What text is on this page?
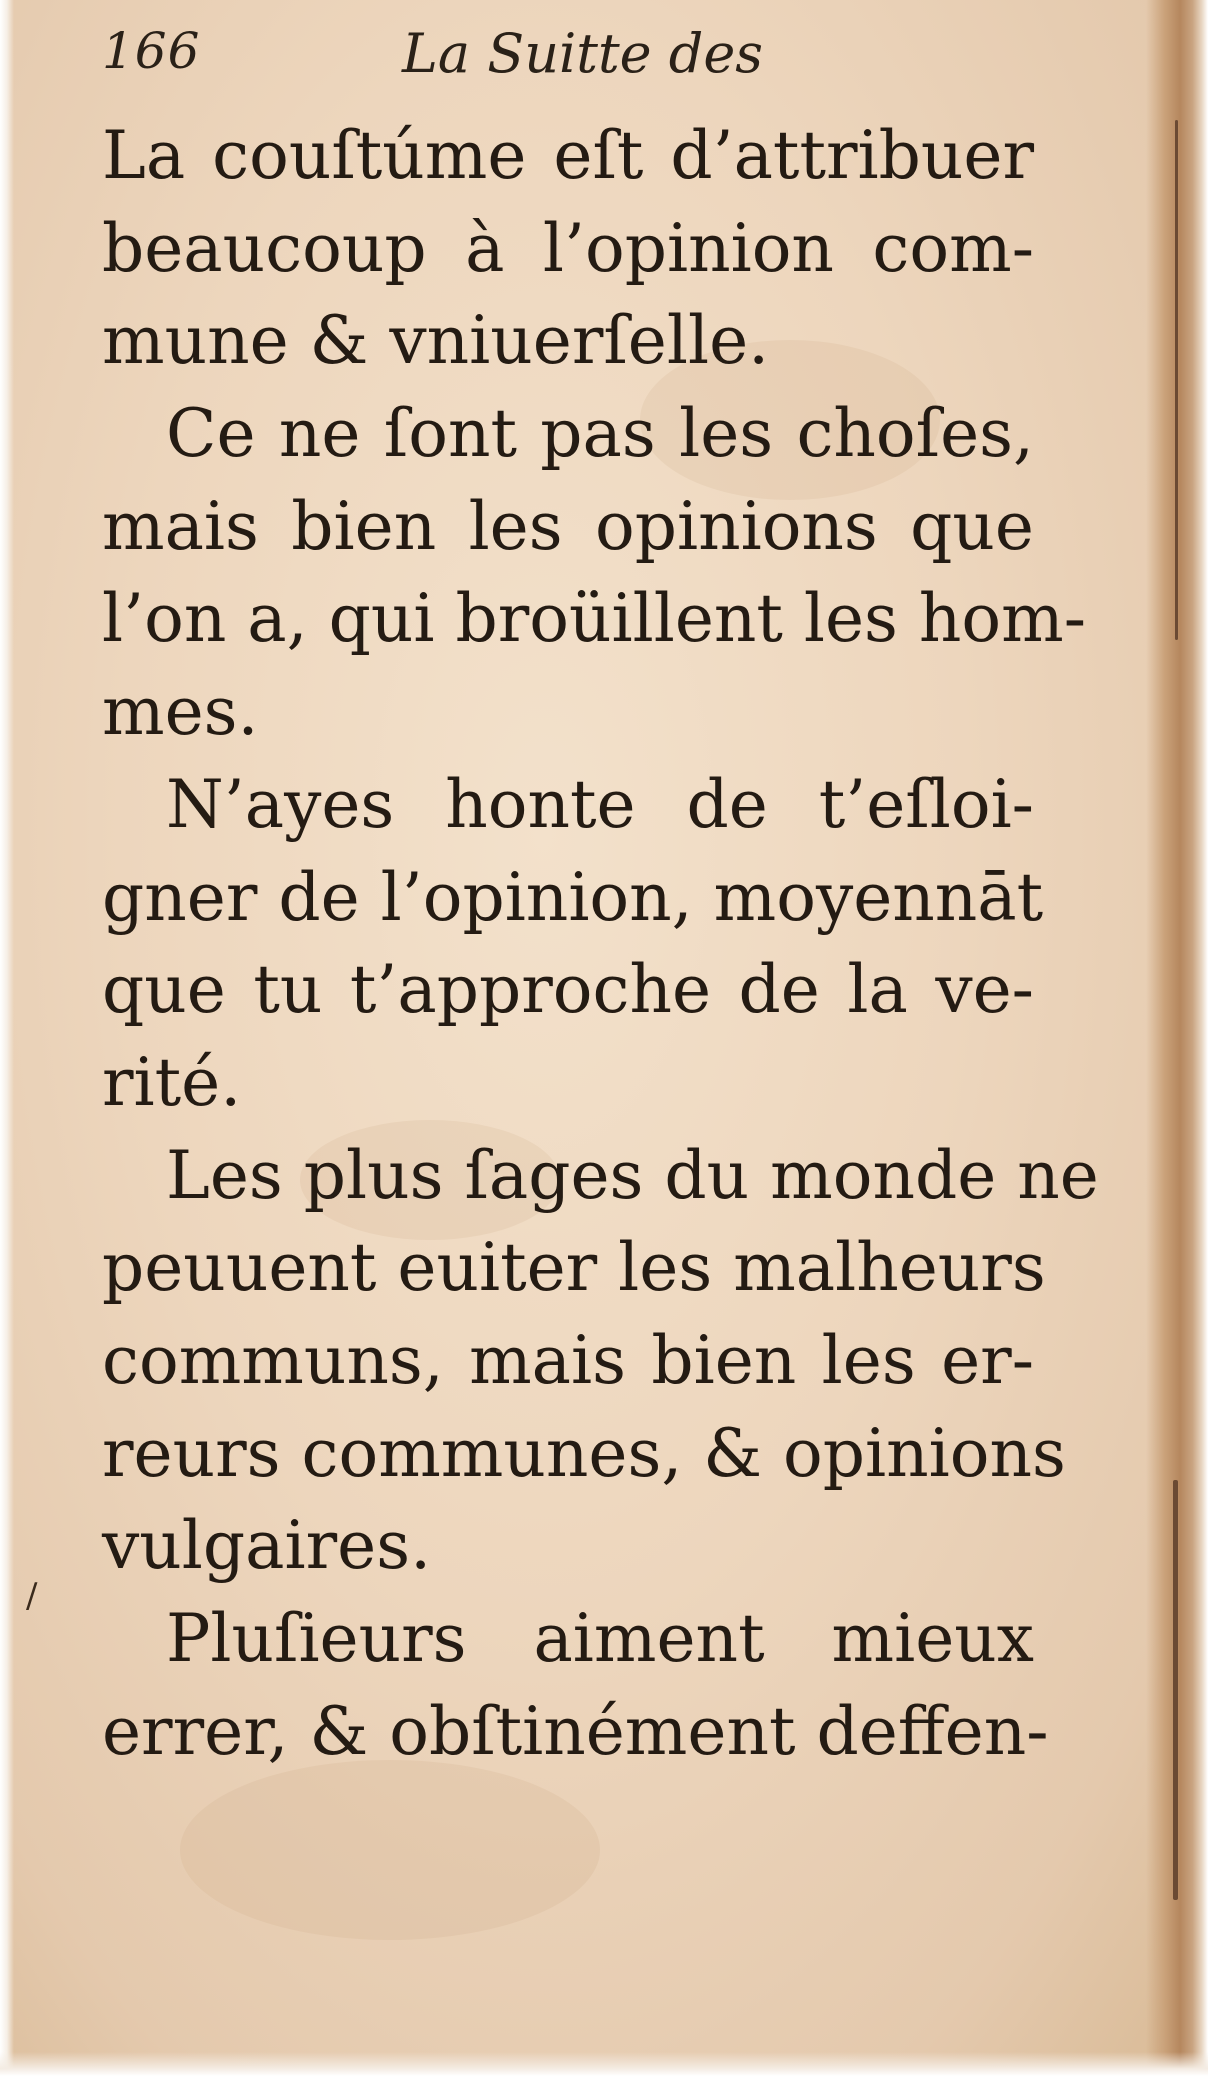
166	La Suitte des
La couſtúme eſt d’attribuer
beaucoup à l’opinion com-
mune & vniuerſelle.
Ce ne ſont pas les choſes,
mais bien les opinions que
l’on a, qui broüillent les hom-
mes.
N’ayes honte de t’eſloi-
gner de l’opinion, moyennāt
que tu t’approche de la ve-
rité.
Les plus ſages du monde ne
peuuent euiter les malheurs
communs, mais bien les er-
reurs communes, & opinions
vulgaires.
Pluſieurs aiment mieux
errer, & obſtinément deffen-
/
